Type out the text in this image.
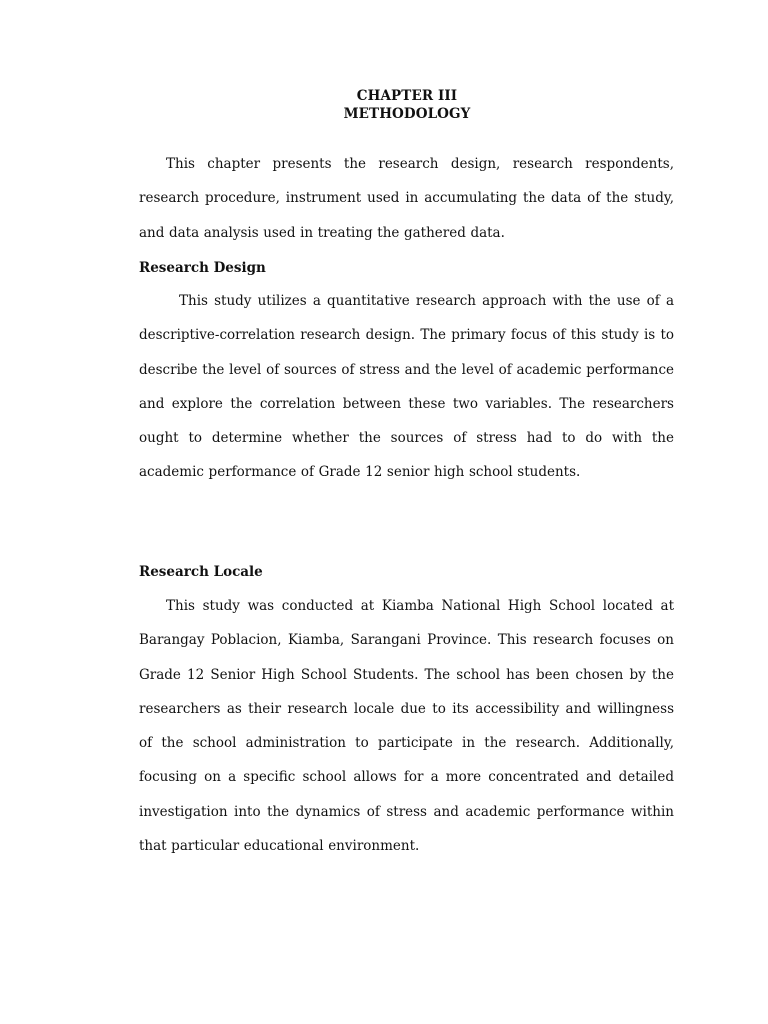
CHAPTER III
METHODOLOGY

This chapter presents the research design, research respondents, research procedure, instrument used in accumulating the data of the study, and data analysis used in treating the gathered data.

Research Design

This study utilizes a quantitative research approach with the use of a descriptive-correlation research design. The primary focus of this study is to describe the level of sources of stress and the level of academic performance and explore the correlation between these two variables. The researchers ought to determine whether the sources of stress had to do with the academic performance of Grade 12 senior high school students.

Research Locale

This study was conducted at Kiamba National High School located at Barangay Poblacion, Kiamba, Sarangani Province. This research focuses on Grade 12 Senior High School Students. The school has been chosen by the researchers as their research locale due to its accessibility and willingness of the school administration to participate in the research. Additionally, focusing on a specific school allows for a more concentrated and detailed investigation into the dynamics of stress and academic performance within that particular educational environment.
